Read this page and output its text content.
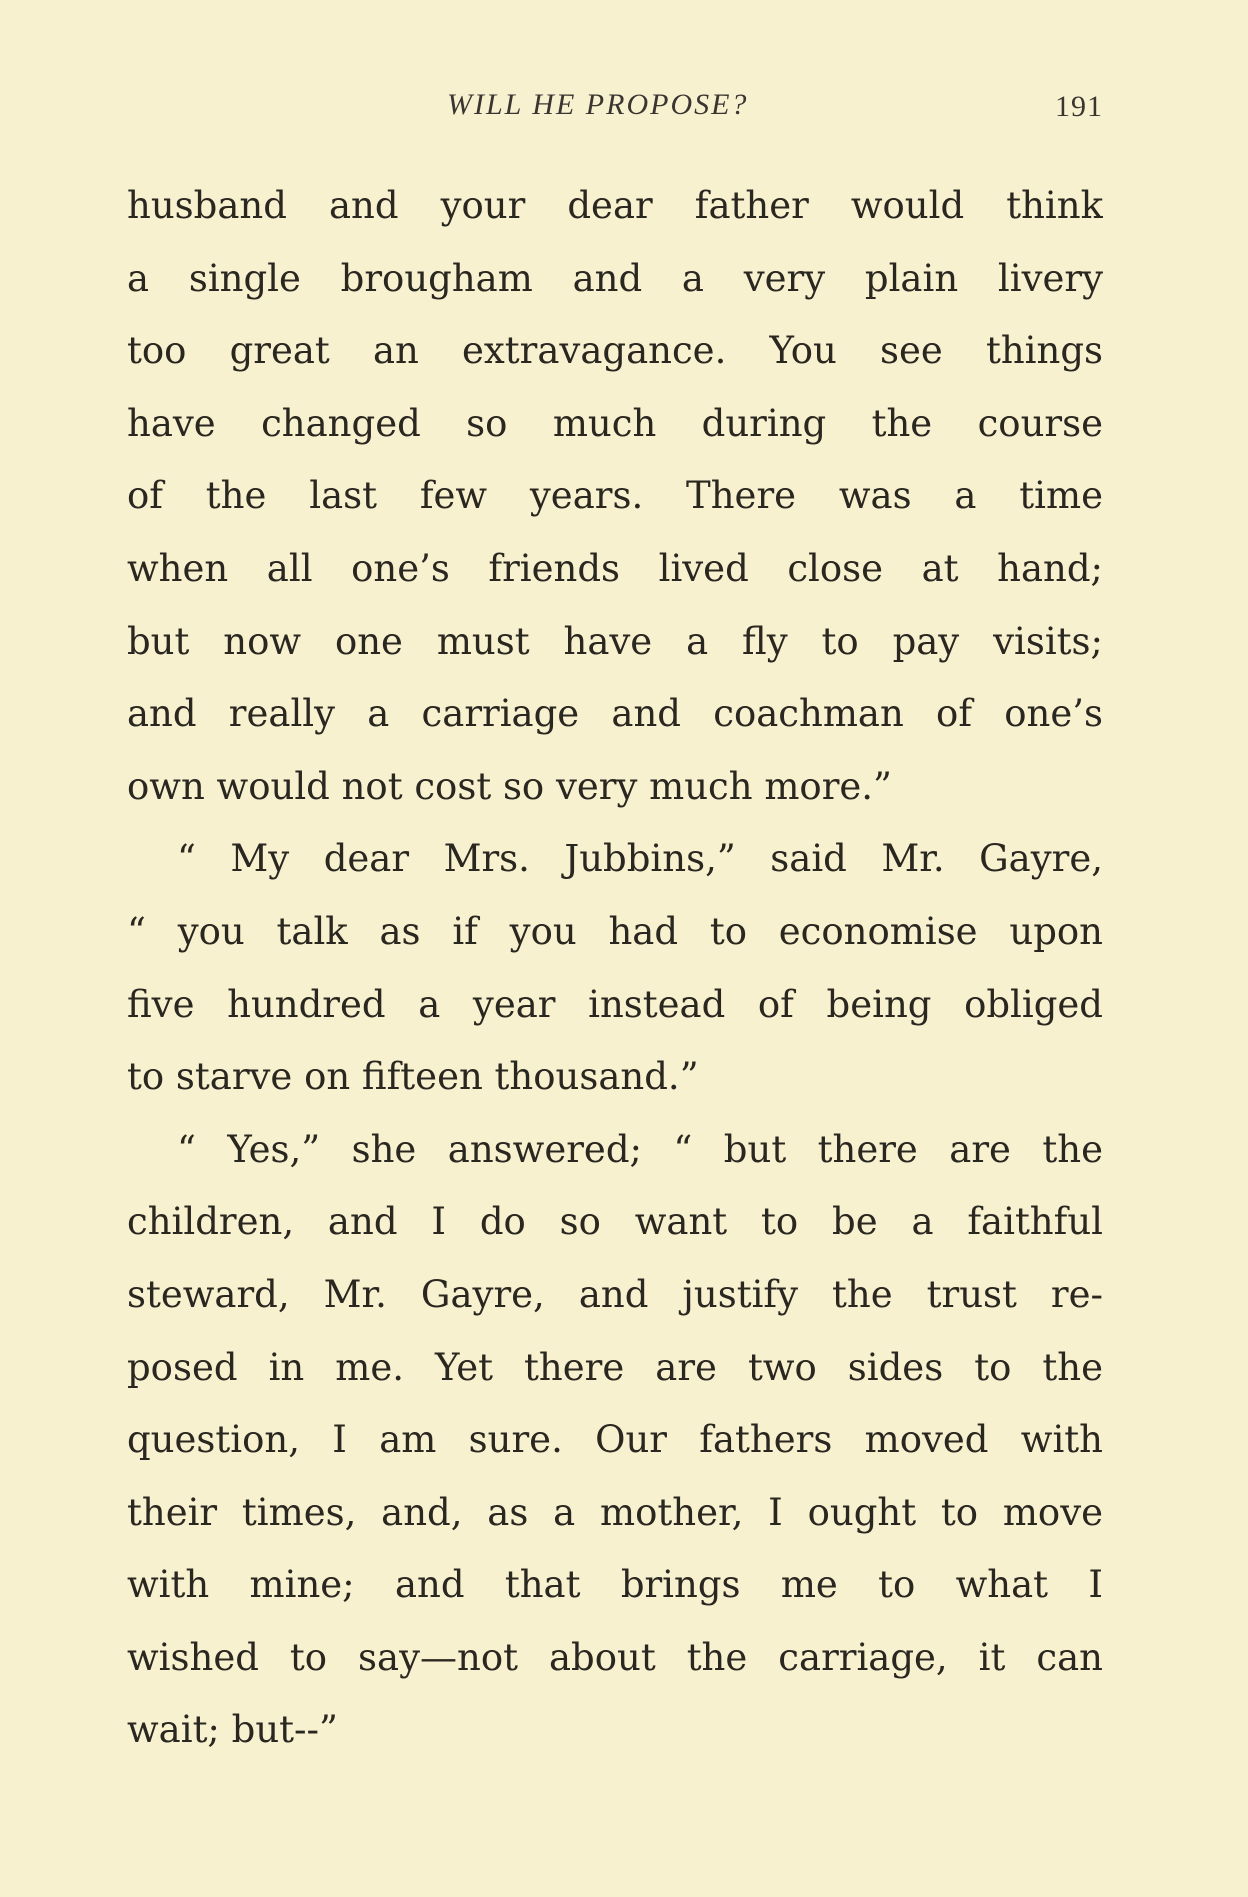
WILL HE PROPOSE?	191
husband and your dear father would think
a single brougham and a very plain livery
too great an extravagance. You see things
have changed so much during the course
of the last few years. There was a time
when all one’s friends lived close at hand;
but now one must have a fly to pay visits;
and really a carriage and coachman of one’s
own would not cost so very much more.”
“ My dear Mrs. Jubbins,” said Mr. Gayre,
“ you talk as if you had to economise upon
five hundred a year instead of being obliged
to starve on fifteen thousand.”
“ Yes,” she answered; “ but there are the
children, and I do so want to be a faithful
steward, Mr. Gayre, and justify the trust re-
posed in me. Yet there are two sides to the
question, I am sure. Our fathers moved with
their times, and, as a mother, I ought to move
with mine; and that brings me to what I
wished to say—not about the carriage, it can
wait; but--”
